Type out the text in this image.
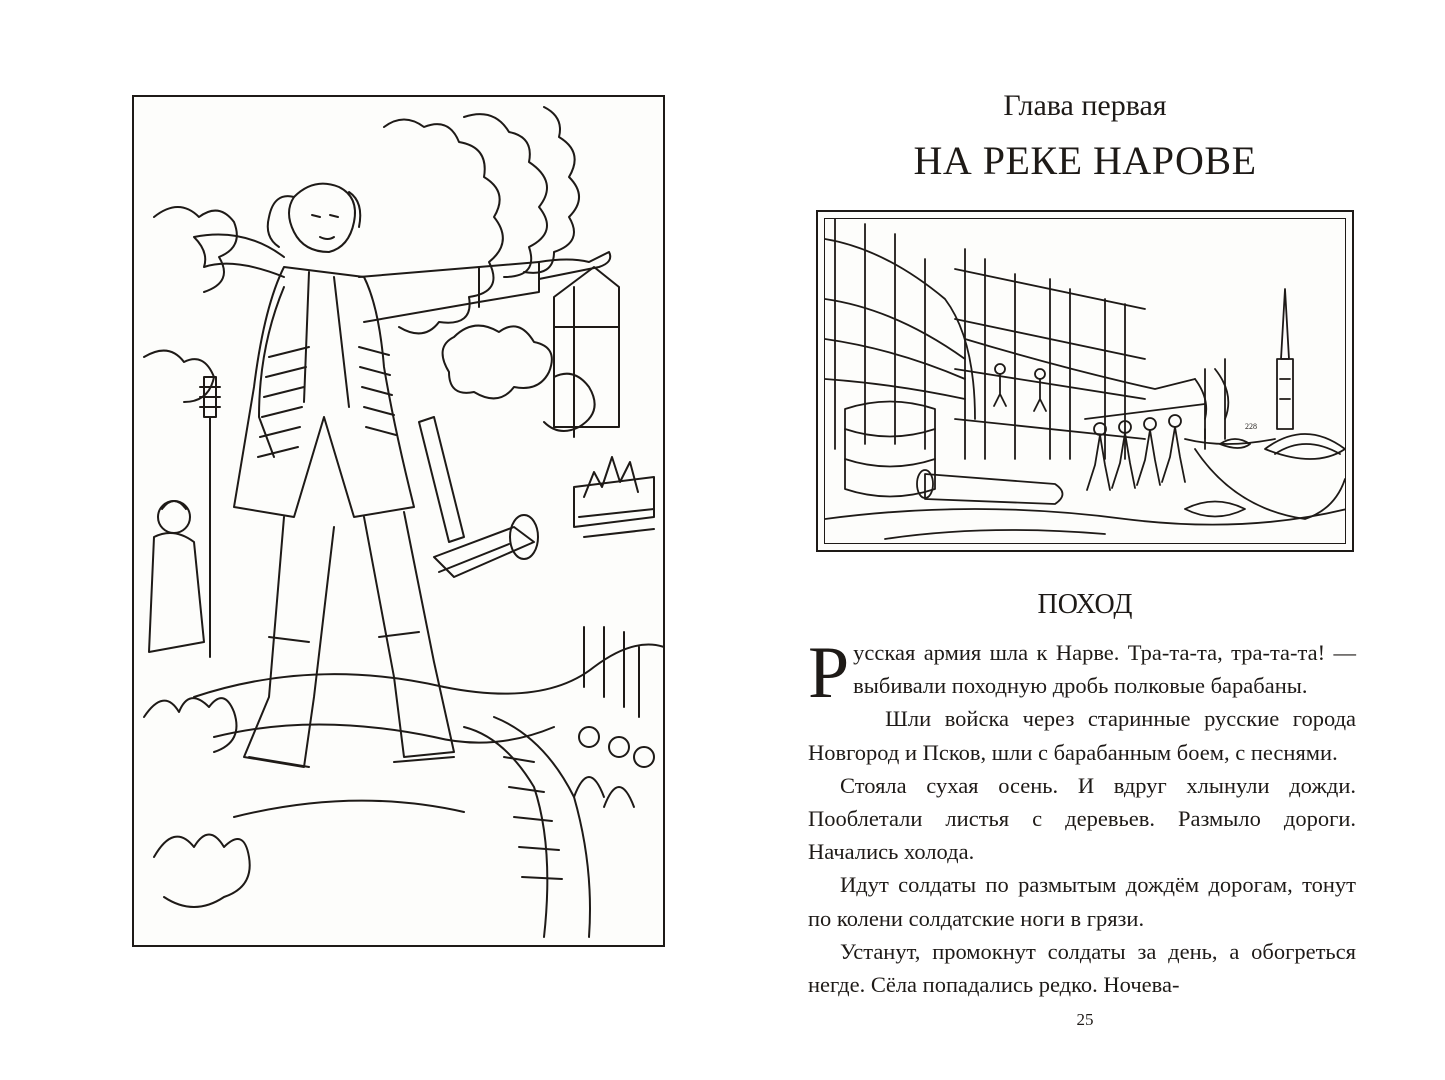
Глава первая
НА РЕКЕ НАРОВЕ
228
ПОХОД

Русская армия шла к Нарве. Тра-та-та, тра-та-та! — выбивали походную дробь полковые барабаны.

Шли войска через старинные русские города Новгород и Псков, шли с барабанным боем, с песнями.

Стояла сухая осень. И вдруг хлынули дожди. Пооблетали листья с деревьев. Размыло дороги. Начались холода.

Идут солдаты по размытым дождём дорогам, тонут по колени солдатские ноги в грязи.

Устанут, промокнут солдаты за день, а обогреться негде. Сёла попадались редко. Ночева-

25
